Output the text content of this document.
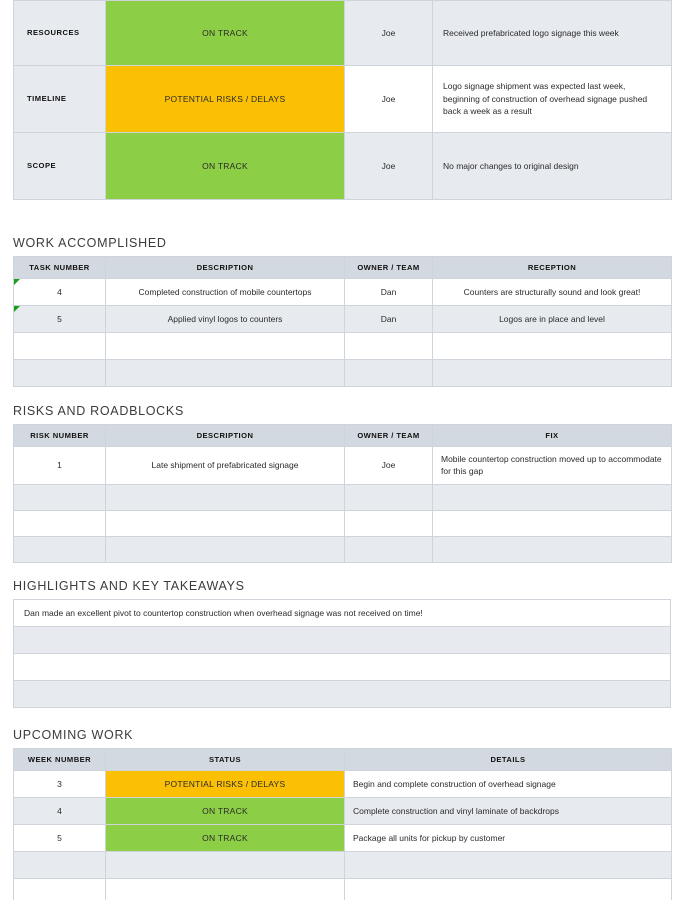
RESOURCES	ON TRACK	Joe	Received prefabricated logo signage this week
TIMELINE	POTENTIAL RISKS / DELAYS	Joe	Logo signage shipment was expected last week, beginning of construction of overhead signage pushed back a week as a result
SCOPE	ON TRACK	Joe	No major changes to original design
WORK ACCOMPLISHED
TASK NUMBER	DESCRIPTION	OWNER / TEAM	RECEPTION

4	Completed construction of mobile countertops	Dan	Counters are structurally sound and look great!

5	Applied vinyl logos to counters	Dan	Logos are in place and level

RISKS AND ROADBLOCKS
RISK NUMBER	DESCRIPTION	OWNER / TEAM	FIX
1	Late shipment of prefabricated signage	Joe	Mobile countertop construction moved up to accommodate for this gap

HIGHLIGHTS AND KEY TAKEAWAYS
Dan made an excellent pivot to countertop construction when overhead signage was not received on time!

UPCOMING WORK
WEEK NUMBER	STATUS	DETAILS
3	POTENTIAL RISKS / DELAYS	Begin and complete construction of overhead signage
4	ON TRACK	Complete construction and vinyl laminate of backdrops
5	ON TRACK	Package all units for pickup by customer
